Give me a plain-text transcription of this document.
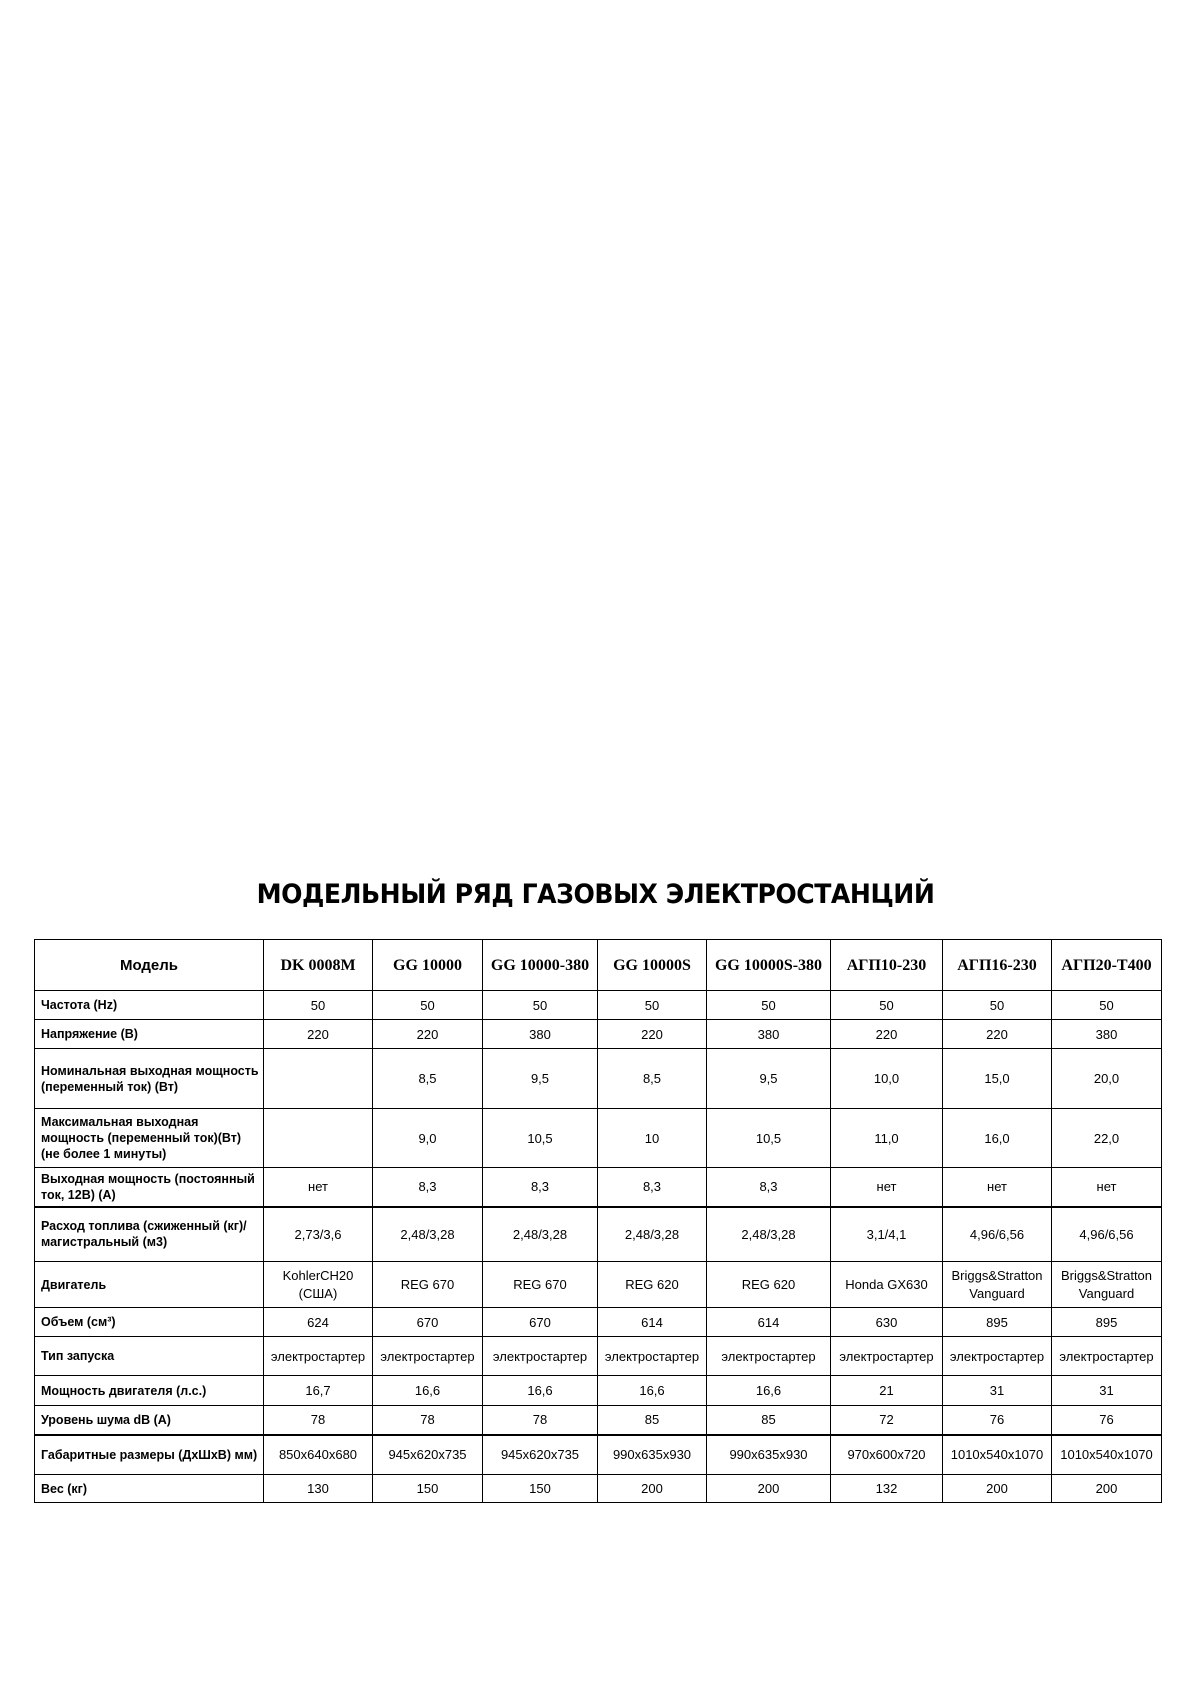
МОДЕЛЬНЫЙ РЯД ГАЗОВЫХ ЭЛЕКТРОСТАНЦИЙ
Модель	DK 0008M	GG 10000	GG 10000-380	GG 10000S	GG 10000S-380	АГП10-230	АГП16-230	АГП20-Т400
Частота (Hz)	50	50	50	50	50	50	50	50
Напряжение (В)	220	220	380	220	380	220	220	380
Номинальная выходная мощность (переменный ток) (Вт)		8,5	9,5	8,5	9,5	10,0	15,0	20,0
Максимальная выходная мощность (переменный ток)(Вт) (не более 1 минуты)		9,0	10,5	10	10,5	11,0	16,0	22,0
Выходная мощность (постоянный ток, 12В) (А)	нет	8,3	8,3	8,3	8,3	нет	нет	нет
Расход топлива (сжиженный (кг)/ магистральный (м3)	2,73/3,6	2,48/3,28	2,48/3,28	2,48/3,28	2,48/3,28	3,1/4,1	4,96/6,56	4,96/6,56
Двигатель	KohlerCH20 (США)	REG 670	REG 670	REG 620	REG 620	Honda GX630	Briggs&Stratton Vanguard	Briggs&Stratton Vanguard
Объем (см³)	624	670	670	614	614	630	895	895
Тип запуска	электростартер	электростартер	электростартер	электростартер	электростартер	электростартер	электростартер	электростартер
Мощность двигателя (л.с.)	16,7	16,6	16,6	16,6	16,6	21	31	31
Уровень шума dB (А)	78	78	78	85	85	72	76	76
Габаритные размеры (ДхШхВ) мм)	850х640х680	945х620х735	945х620х735	990х635х930	990х635х930	970х600х720	1010х540х1070	1010х540х1070
Вес (кг)	130	150	150	200	200	132	200	200
